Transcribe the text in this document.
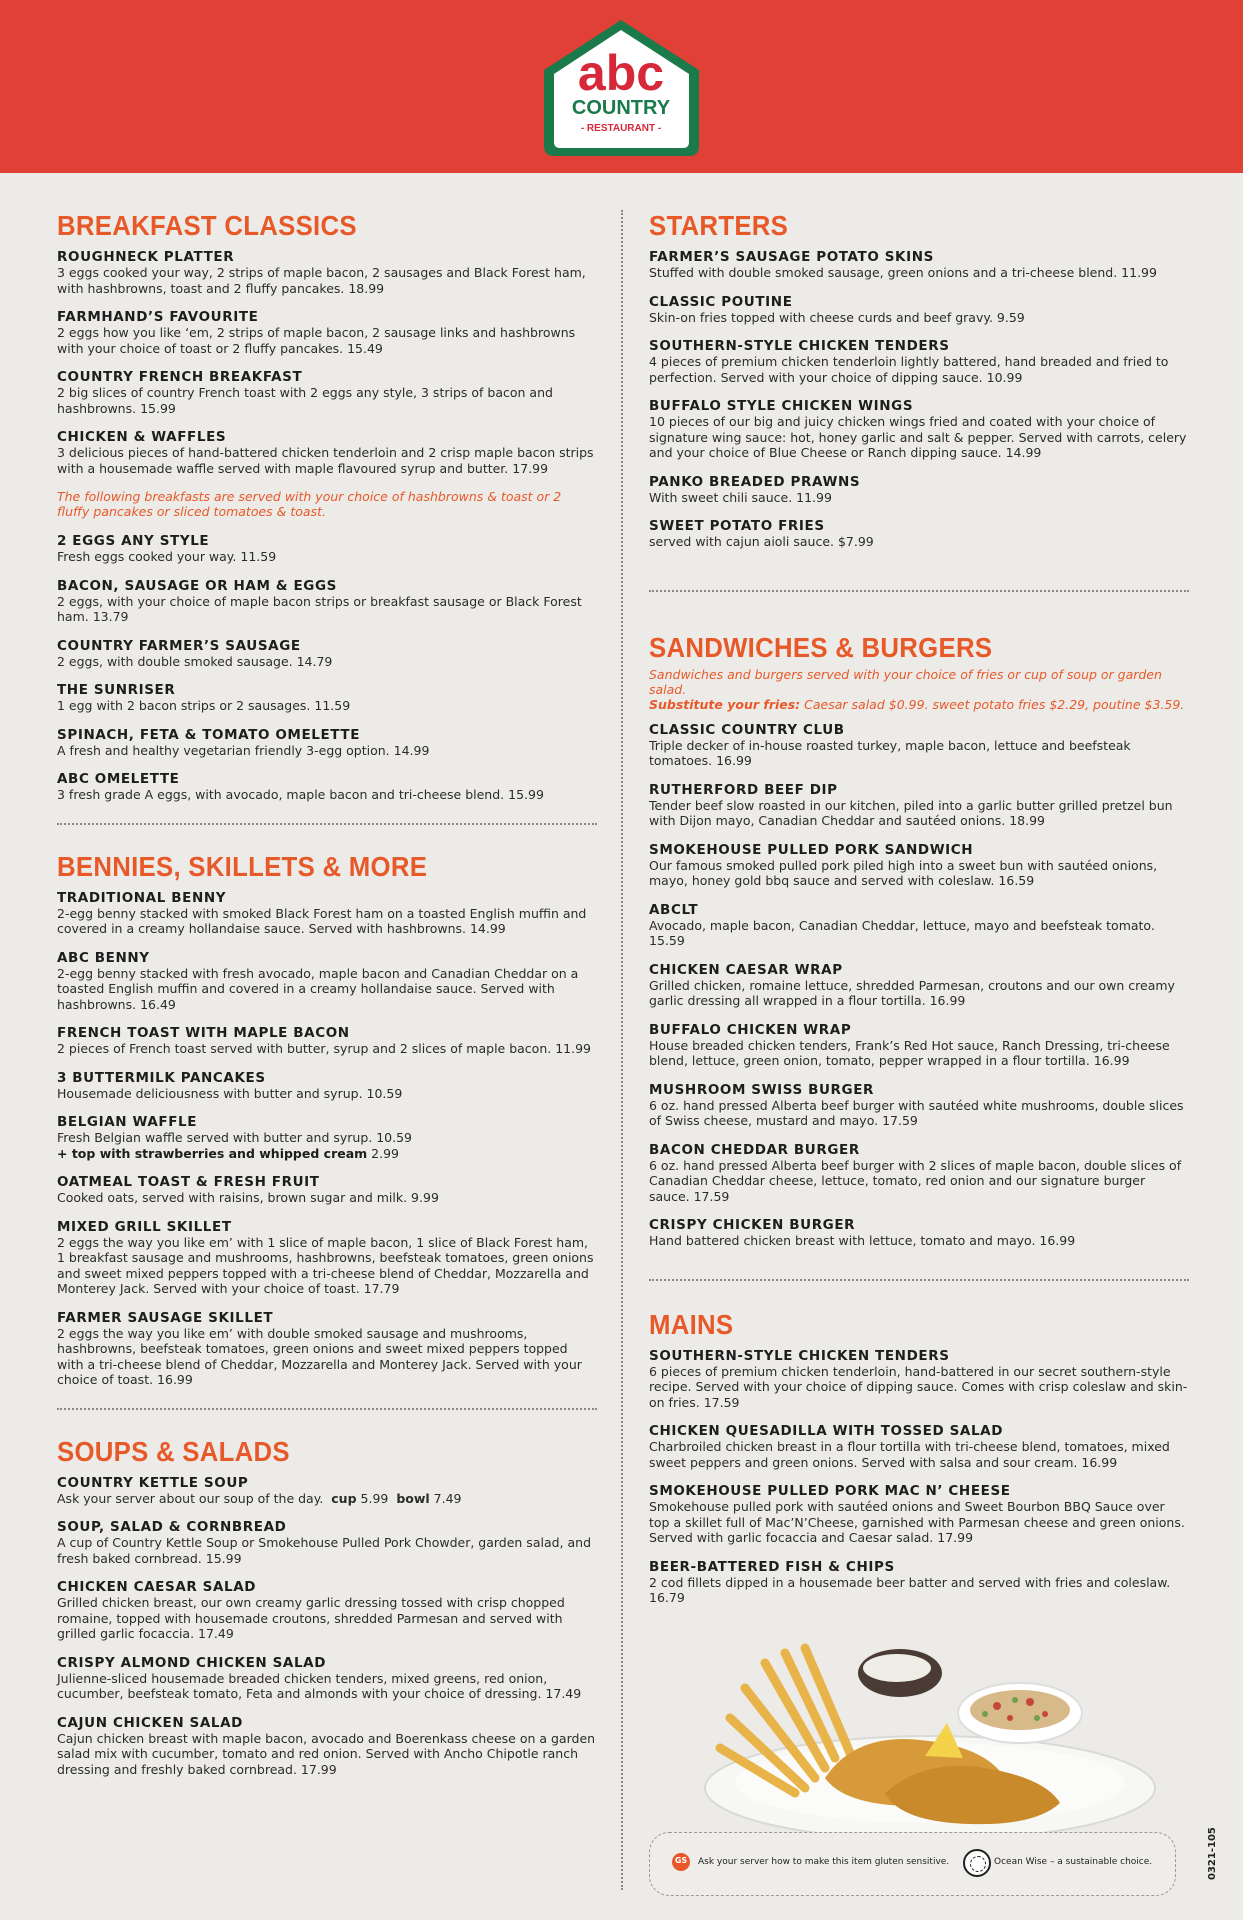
abc
COUNTRY
- RESTAURANT -
BREAKFAST CLASSICS
ROUGHNECK PLATTER
3 eggs cooked your way, 2 strips of maple bacon, 2 sausages and Black Forest ham, with hashbrowns, toast and 2 fluffy pancakes. 18.99
FARMHAND’S FAVOURITE
2 eggs how you like ‘em, 2 strips of maple bacon, 2 sausage links and hashbrowns with your choice of toast or 2 fluffy pancakes. 15.49
COUNTRY FRENCH BREAKFAST
2 big slices of country French toast with 2 eggs any style, 3 strips of bacon and hashbrowns. 15.99
CHICKEN & WAFFLES
3 delicious pieces of hand-battered chicken tenderloin and 2 crisp maple bacon strips with a housemade waffle served with maple flavoured syrup and butter. 17.99
The following breakfasts are served with your choice of hashbrowns & toast or 2 fluffy pancakes or sliced tomatoes & toast.
2 EGGS ANY STYLE
Fresh eggs cooked your way. 11.59
BACON, SAUSAGE OR HAM & EGGS
2 eggs, with your choice of maple bacon strips or breakfast sausage or Black Forest ham. 13.79
COUNTRY FARMER’S SAUSAGE
2 eggs, with double smoked sausage. 14.79
THE SUNRISER
1 egg with 2 bacon strips or 2 sausages. 11.59
SPINACH, FETA & TOMATO OMELETTE
A fresh and healthy vegetarian friendly 3-egg option. 14.99
ABC OMELETTE
3 fresh grade A eggs, with avocado, maple bacon and tri-cheese blend. 15.99
BENNIES, SKILLETS & MORE
TRADITIONAL BENNY
2-egg benny stacked with smoked Black Forest ham on a toasted English muffin and covered in a creamy hollandaise sauce. Served with hashbrowns. 14.99
ABC BENNY
2-egg benny stacked with fresh avocado, maple bacon and Canadian Cheddar on a toasted English muffin and covered in a creamy hollandaise sauce. Served with hashbrowns. 16.49
FRENCH TOAST WITH MAPLE BACON
2 pieces of French toast served with butter, syrup and 2 slices of maple bacon. 11.99
3 BUTTERMILK PANCAKES
Housemade deliciousness with butter and syrup. 10.59
BELGIAN WAFFLE
Fresh Belgian waffle served with butter and syrup. 10.59
+ top with strawberries and whipped cream 2.99
OATMEAL TOAST & FRESH FRUIT
Cooked oats, served with raisins, brown sugar and milk. 9.99
MIXED GRILL SKILLET
2 eggs the way you like em’ with 1 slice of maple bacon, 1 slice of Black Forest ham, 1 breakfast sausage and mushrooms, hashbrowns, beefsteak tomatoes, green onions and sweet mixed peppers topped with a tri-cheese blend of Cheddar, Mozzarella and Monterey Jack. Served with your choice of toast. 17.79
FARMER SAUSAGE SKILLET
2 eggs the way you like em’ with double smoked sausage and mushrooms, hashbrowns, beefsteak tomatoes, green onions and sweet mixed peppers topped with a tri-cheese blend of Cheddar, Mozzarella and Monterey Jack. Served with your choice of toast. 16.99
SOUPS & SALADS
COUNTRY KETTLE SOUP
Ask your server about our soup of the day. cup 5.99 bowl 7.49
SOUP, SALAD & CORNBREAD
A cup of Country Kettle Soup or Smokehouse Pulled Pork Chowder, garden salad, and fresh baked cornbread. 15.99
CHICKEN CAESAR SALAD
Grilled chicken breast, our own creamy garlic dressing tossed with crisp chopped romaine, topped with housemade croutons, shredded Parmesan and served with grilled garlic focaccia. 17.49
CRISPY ALMOND CHICKEN SALAD
Julienne-sliced housemade breaded chicken tenders, mixed greens, red onion, cucumber, beefsteak tomato, Feta and almonds with your choice of dressing. 17.49
CAJUN CHICKEN SALAD
Cajun chicken breast with maple bacon, avocado and Boerenkass cheese on a garden salad mix with cucumber, tomato and red onion. Served with Ancho Chipotle ranch dressing and freshly baked cornbread. 17.99
STARTERS
FARMER’S SAUSAGE POTATO SKINS
Stuffed with double smoked sausage, green onions and a tri-cheese blend. 11.99
CLASSIC POUTINE
Skin-on fries topped with cheese curds and beef gravy. 9.59
SOUTHERN-STYLE CHICKEN TENDERS
4 pieces of premium chicken tenderloin lightly battered, hand breaded and fried to perfection. Served with your choice of dipping sauce. 10.99
BUFFALO STYLE CHICKEN WINGS
10 pieces of our big and juicy chicken wings fried and coated with your choice of signature wing sauce: hot, honey garlic and salt & pepper. Served with carrots, celery and your choice of Blue Cheese or Ranch dipping sauce. 14.99
PANKO BREADED PRAWNS
With sweet chili sauce. 11.99
SWEET POTATO FRIES
served with cajun aioli sauce. $7.99
SANDWICHES & BURGERS
Sandwiches and burgers served with your choice of fries or cup of soup or garden salad.
Substitute your fries: Caesar salad $0.99. sweet potato fries $2.29, poutine $3.59.
CLASSIC COUNTRY CLUB
Triple decker of in-house roasted turkey, maple bacon, lettuce and beefsteak tomatoes. 16.99
RUTHERFORD BEEF DIP
Tender beef slow roasted in our kitchen, piled into a garlic butter grilled pretzel bun with Dijon mayo, Canadian Cheddar and sautéed onions. 18.99
SMOKEHOUSE PULLED PORK SANDWICH
Our famous smoked pulled pork piled high into a sweet bun with sautéed onions, mayo, honey gold bbq sauce and served with coleslaw. 16.59
ABCLT
Avocado, maple bacon, Canadian Cheddar, lettuce, mayo and beefsteak tomato. 15.59
CHICKEN CAESAR WRAP
Grilled chicken, romaine lettuce, shredded Parmesan, croutons and our own creamy garlic dressing all wrapped in a flour tortilla. 16.99
BUFFALO CHICKEN WRAP
House breaded chicken tenders, Frank’s Red Hot sauce, Ranch Dressing, tri-cheese blend, lettuce, green onion, tomato, pepper wrapped in a flour tortilla. 16.99
MUSHROOM SWISS BURGER
6 oz. hand pressed Alberta beef burger with sautéed white mushrooms, double slices of Swiss cheese, mustard and mayo. 17.59
BACON CHEDDAR BURGER
6 oz. hand pressed Alberta beef burger with 2 slices of maple bacon, double slices of Canadian Cheddar cheese, lettuce, tomato, red onion and our signature burger sauce. 17.59
CRISPY CHICKEN BURGER
Hand battered chicken breast with lettuce, tomato and mayo. 16.99
MAINS
SOUTHERN-STYLE CHICKEN TENDERS
6 pieces of premium chicken tenderloin, hand-battered in our secret southern-style recipe. Served with your choice of dipping sauce. Comes with crisp coleslaw and skin-on fries. 17.59
CHICKEN QUESADILLA WITH TOSSED SALAD
Charbroiled chicken breast in a flour tortilla with tri-cheese blend, tomatoes, mixed sweet peppers and green onions. Served with salsa and sour cream. 16.99
SMOKEHOUSE PULLED PORK MAC N’ CHEESE
Smokehouse pulled pork with sautéed onions and Sweet Bourbon BBQ Sauce over top a skillet full of Mac’N’Cheese, garnished with Parmesan cheese and green onions. Served with garlic focaccia and Caesar salad. 17.99
BEER-BATTERED FISH & CHIPS
2 cod fillets dipped in a housemade beer batter and served with fries and coleslaw. 16.79
GS	Ask your server how to make this item gluten sensitive.	Ocean Wise – a sustainable choice.	0321-105
